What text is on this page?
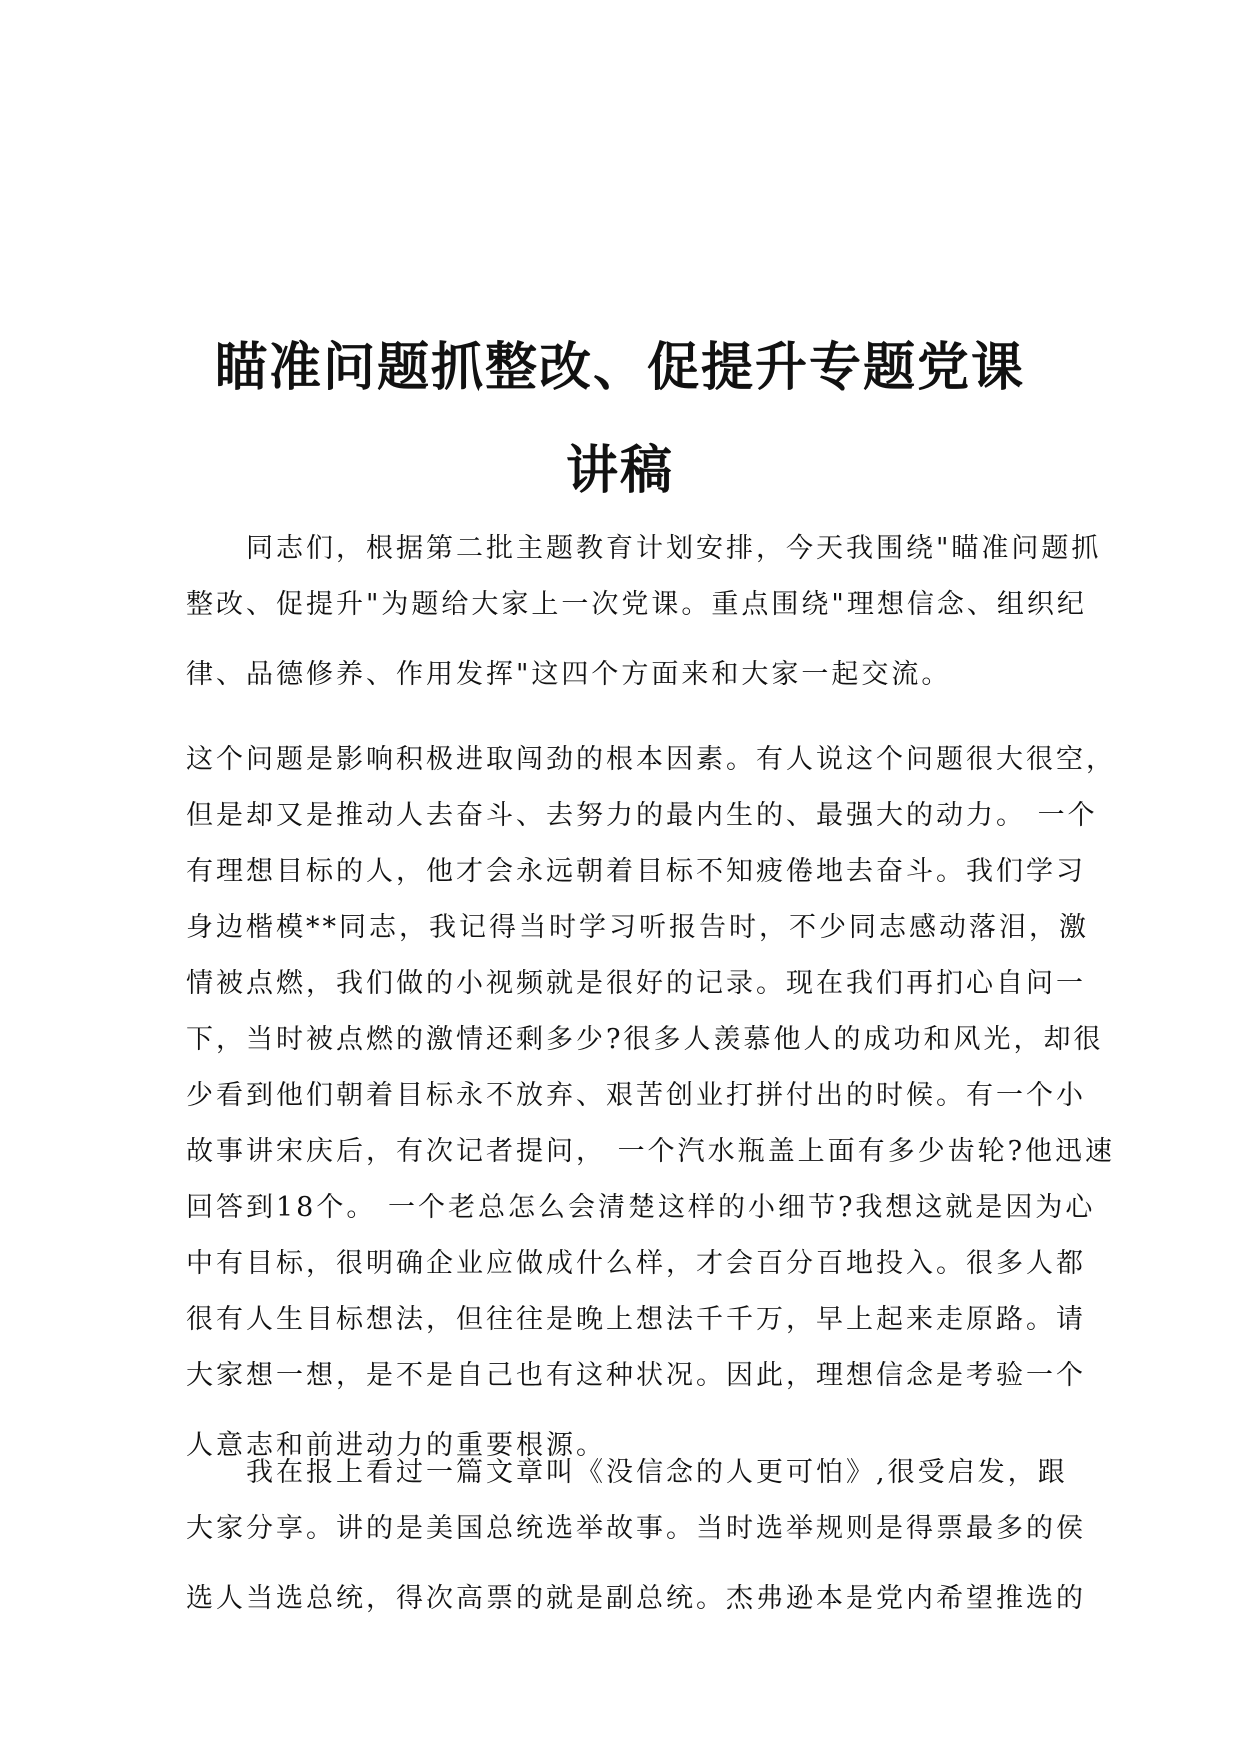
瞄准问题抓整改、促提升专题党课
讲稿
同志们，根据第二批主题教育计划安排，今天我围绕"瞄准问题抓
整改、促提升"为题给大家上一次党课。重点围绕"理想信念、组织纪
律、品德修养、作用发挥"这四个方面来和大家一起交流。
这个问题是影响积极进取闯劲的根本因素。有人说这个问题很大很空，
但是却又是推动人去奋斗、去努力的最内生的、最强大的动力。 一个
有理想目标的人，他才会永远朝着目标不知疲倦地去奋斗。我们学习
身边楷模**同志，我记得当时学习听报告时，不少同志感动落泪，激
情被点燃，我们做的小视频就是很好的记录。现在我们再扪心自问一
下，当时被点燃的激情还剩多少?很多人羡慕他人的成功和风光，却很
少看到他们朝着目标永不放弃、艰苦创业打拼付出的时候。有一个小
故事讲宋庆后，有次记者提问， 一个汽水瓶盖上面有多少齿轮?他迅速
回答到18个。 一个老总怎么会清楚这样的小细节?我想这就是因为心
中有目标，很明确企业应做成什么样，才会百分百地投入。很多人都
很有人生目标想法，但往往是晚上想法千千万，早上起来走原路。请
大家想一想，是不是自己也有这种状况。因此，理想信念是考验一个
人意志和前进动力的重要根源。
我在报上看过一篇文章叫《没信念的人更可怕》,很受启发，跟
大家分享。讲的是美国总统选举故事。当时选举规则是得票最多的侯
选人当选总统，得次高票的就是副总统。杰弗逊本是党内希望推选的
